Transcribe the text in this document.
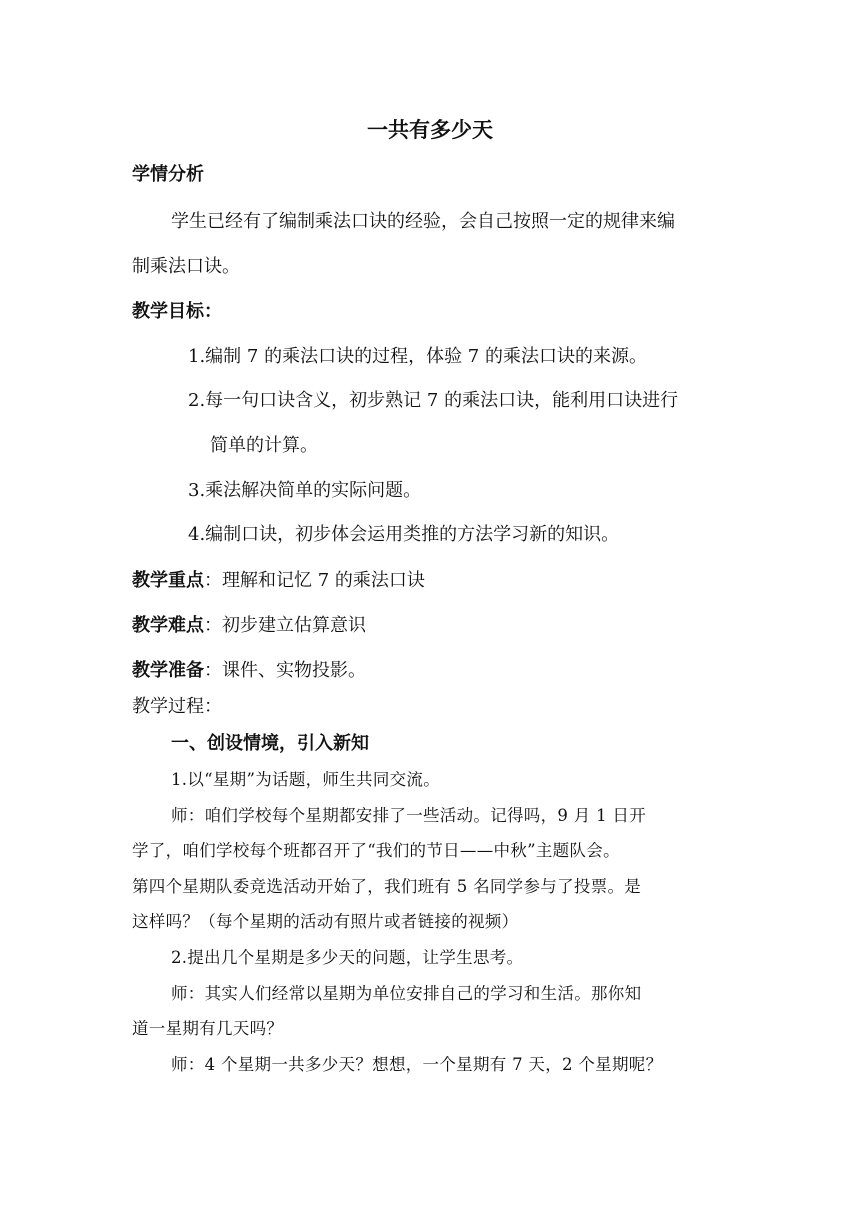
一共有多少天
学情分析
学生已经有了编制乘法口诀的经验，会自己按照一定的规律来编
制乘法口诀。
教学目标：
1.编制 7 的乘法口诀的过程，体验 7 的乘法口诀的来源。
2.每一句口诀含义，初步熟记 7 的乘法口诀，能利用口诀进行
简单的计算。
3.乘法解决简单的实际问题。
4.编制口诀，初步体会运用类推的方法学习新的知识。
教学重点：理解和记忆 7 的乘法口诀
教学难点：初步建立估算意识
教学准备：课件、实物投影。
教学过程：
一、创设情境，引入新知
1.以“星期”为话题，师生共同交流。
师：咱们学校每个星期都安排了一些活动。记得吗，9 月 1 日开
学了，咱们学校每个班都召开了“我们的节日——中秋”主题队会。
第四个星期队委竞选活动开始了，我们班有 5 名同学参与了投票。是
这样吗？（每个星期的活动有照片或者链接的视频）
2.提出几个星期是多少天的问题，让学生思考。
师：其实人们经常以星期为单位安排自己的学习和生活。那你知
道一星期有几天吗？
师：4 个星期一共多少天？想想，一个星期有 7 天，2 个星期呢？
